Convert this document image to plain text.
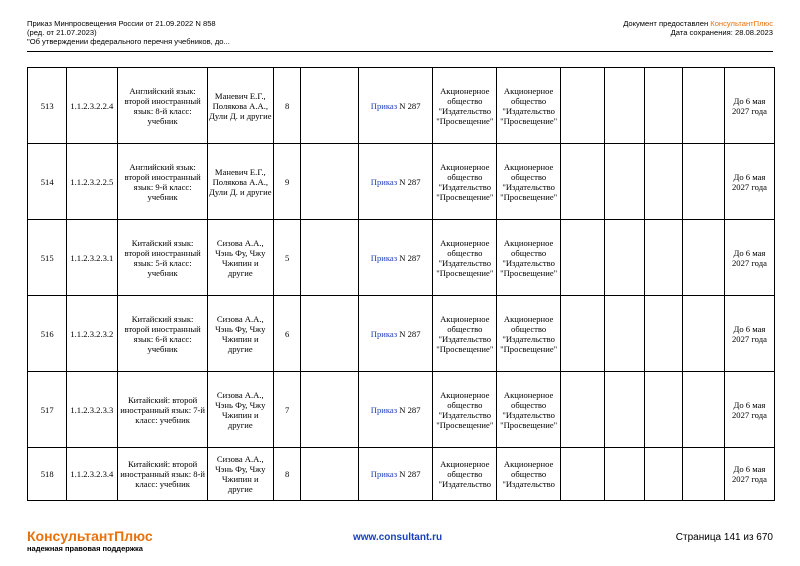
Приказ Минпросвещения России от 21.09.2022 N 858
(ред. от 21.07.2023)
"Об утверждении федерального перечня учебников, до...
Документ предоставлен КонсультантПлюс
Дата сохранения: 28.08.2023
513	1.1.2.3.2.2.4	Английский язык: второй иностранный язык: 8-й класс: учебник	Маневич Е.Г., Полякова А.А., Дули Д. и другие	8		Приказ N 287	Акционерное общество "Издательство "Просвещение"	Акционерное общество "Издательство "Просвещение"					До 6 мая 2027 года
514	1.1.2.3.2.2.5	Английский язык: второй иностранный язык: 9-й класс: учебник	Маневич Е.Г., Полякова А.А., Дули Д. и другие	9		Приказ N 287	Акционерное общество "Издательство "Просвещение"	Акционерное общество "Издательство "Просвещение"					До 6 мая 2027 года
515	1.1.2.3.2.3.1	Китайский язык: второй иностранный язык: 5-й класс: учебник	Сизова А.А., Чэнь Фу, Чжу Чжипин и другие	5		Приказ N 287	Акционерное общество "Издательство "Просвещение"	Акционерное общество "Издательство "Просвещение"					До 6 мая 2027 года
516	1.1.2.3.2.3.2	Китайский язык: второй иностранный язык: 6-й класс: учебник	Сизова А.А., Чэнь Фу, Чжу Чжипин и другие	6		Приказ N 287	Акционерное общество "Издательство "Просвещение"	Акционерное общество "Издательство "Просвещение"					До 6 мая 2027 года
517	1.1.2.3.2.3.3	Китайский: второй иностранный язык: 7-й класс: учебник	Сизова А.А., Чэнь Фу, Чжу Чжипин и другие	7		Приказ N 287	Акционерное общество "Издательство "Просвещение"	Акционерное общество "Издательство "Просвещение"					До 6 мая 2027 года
518	1.1.2.3.2.3.4	Китайский: второй иностранный язык: 8-й класс: учебник	Сизова А.А., Чэнь Фу, Чжу Чжипин и другие	8		Приказ N 287	Акционерное общество "Издательство	Акционерное общество "Издательство					До 6 мая 2027 года
КонсультантПлюс
надежная правовая поддержка
www.consultant.ru	Страница 141 из 670
